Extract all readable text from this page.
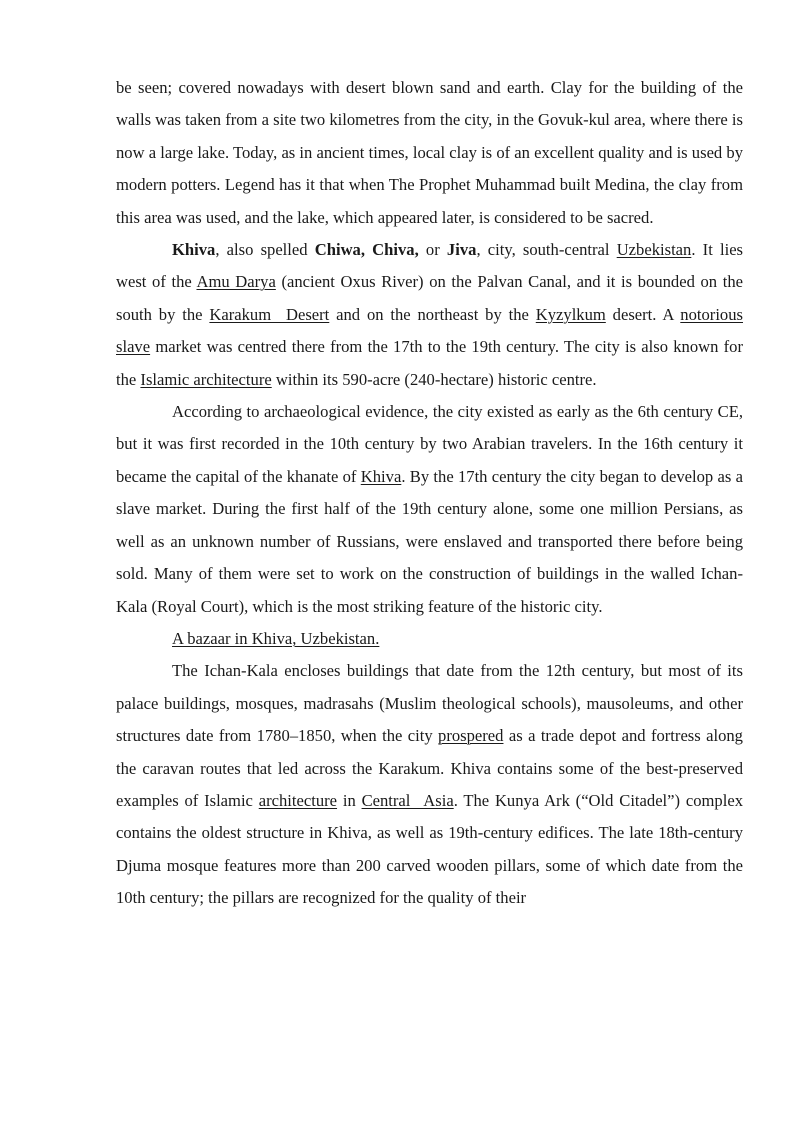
be seen; covered nowadays with desert blown sand and earth. Clay for the building of the walls was taken from a site two kilometres from the city, in the Govuk-kul area, where there is now a large lake. Today, as in ancient times, local clay is of an excellent quality and is used by modern potters. Legend has it that when The Prophet Muhammad built Medina, the clay from this area was used, and the lake, which appeared later, is considered to be sacred.

Khiva, also spelled Chiwa, Chiva, or Jiva, city, south-central Uzbekistan. It lies west of the Amu Darya (ancient Oxus River) on the Palvan Canal, and it is bounded on the south by the Karakum Desert and on the northeast by the Kyzylkum desert. A notorious slave market was centred there from the 17th to the 19th century. The city is also known for the Islamic architecture within its 590-acre (240-hectare) historic centre.

According to archaeological evidence, the city existed as early as the 6th century CE, but it was first recorded in the 10th century by two Arabian travelers. In the 16th century it became the capital of the khanate of Khiva. By the 17th century the city began to develop as a slave market. During the first half of the 19th century alone, some one million Persians, as well as an unknown number of Russians, were enslaved and transported there before being sold. Many of them were set to work on the construction of buildings in the walled Ichan-Kala (Royal Court), which is the most striking feature of the historic city.

A bazaar in Khiva, Uzbekistan.

The Ichan-Kala encloses buildings that date from the 12th century, but most of its palace buildings, mosques, madrasahs (Muslim theological schools), mausoleums, and other structures date from 1780–1850, when the city prospered as a trade depot and fortress along the caravan routes that led across the Karakum. Khiva contains some of the best-preserved examples of Islamic architecture in Central Asia. The Kunya Ark (“Old Citadel”) complex contains the oldest structure in Khiva, as well as 19th-century edifices. The late 18th-century Djuma mosque features more than 200 carved wooden pillars, some of which date from the 10th century; the pillars are recognized for the quality of their
